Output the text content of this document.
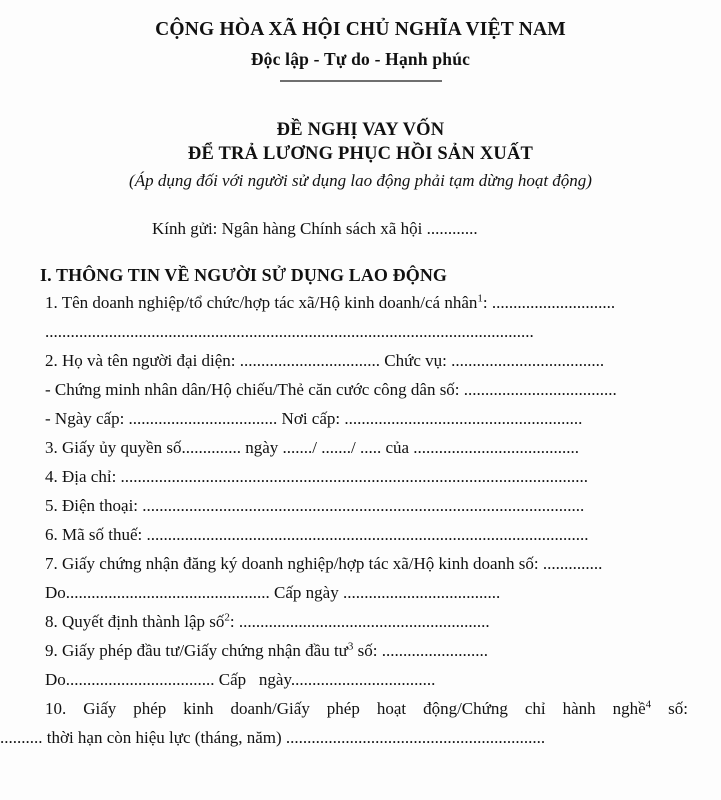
CỘNG HÒA XÃ HỘI CHỦ NGHĨA VIỆT NAM
Độc lập - Tự do - Hạnh phúc
ĐỀ NGHỊ VAY VỐN
ĐỂ TRẢ LƯƠNG PHỤC HỒI SẢN XUẤT
(Áp dụng đối với người sử dụng lao động phải tạm dừng hoạt động)
Kính gửi: Ngân hàng Chính sách xã hội ............
I. THÔNG TIN VỀ NGƯỜI SỬ DỤNG LAO ĐỘNG
1. Tên doanh nghiệp/tổ chức/hợp tác xã/Hộ kinh doanh/cá nhân$^1$: .............................
...................................................................................................................
2. Họ và tên người đại diện: ................................. Chức vụ: ....................................
- Chứng minh nhân dân/Hộ chiếu/Thẻ căn cước công dân số: ....................................
- Ngày cấp: ................................... Nơi cấp: ........................................................
3. Giấy ủy quyền số.............. ngày ......./ ......./ ..... của .......................................
4. Địa chỉ: ..............................................................................................................
5. Điện thoại: ........................................................................................................
6. Mã số thuế: ........................................................................................................
7. Giấy chứng nhận đăng ký doanh nghiệp/hợp tác xã/Hộ kinh doanh số: ..............
Do................................................ Cấp ngày .....................................
8. Quyết định thành lập số$^2$: ...........................................................
9. Giấy phép đầu tư/Giấy chứng nhận đầu $tư^3$ số: .........................
Do................................... Cấp   ngày..................................
10. Giấy phép kinh doanh/Giấy phép hoạt động/Chứng chỉ hành nghề$^4$ số:
.......... thời hạn còn hiệu lực (tháng, năm) .............................................................
